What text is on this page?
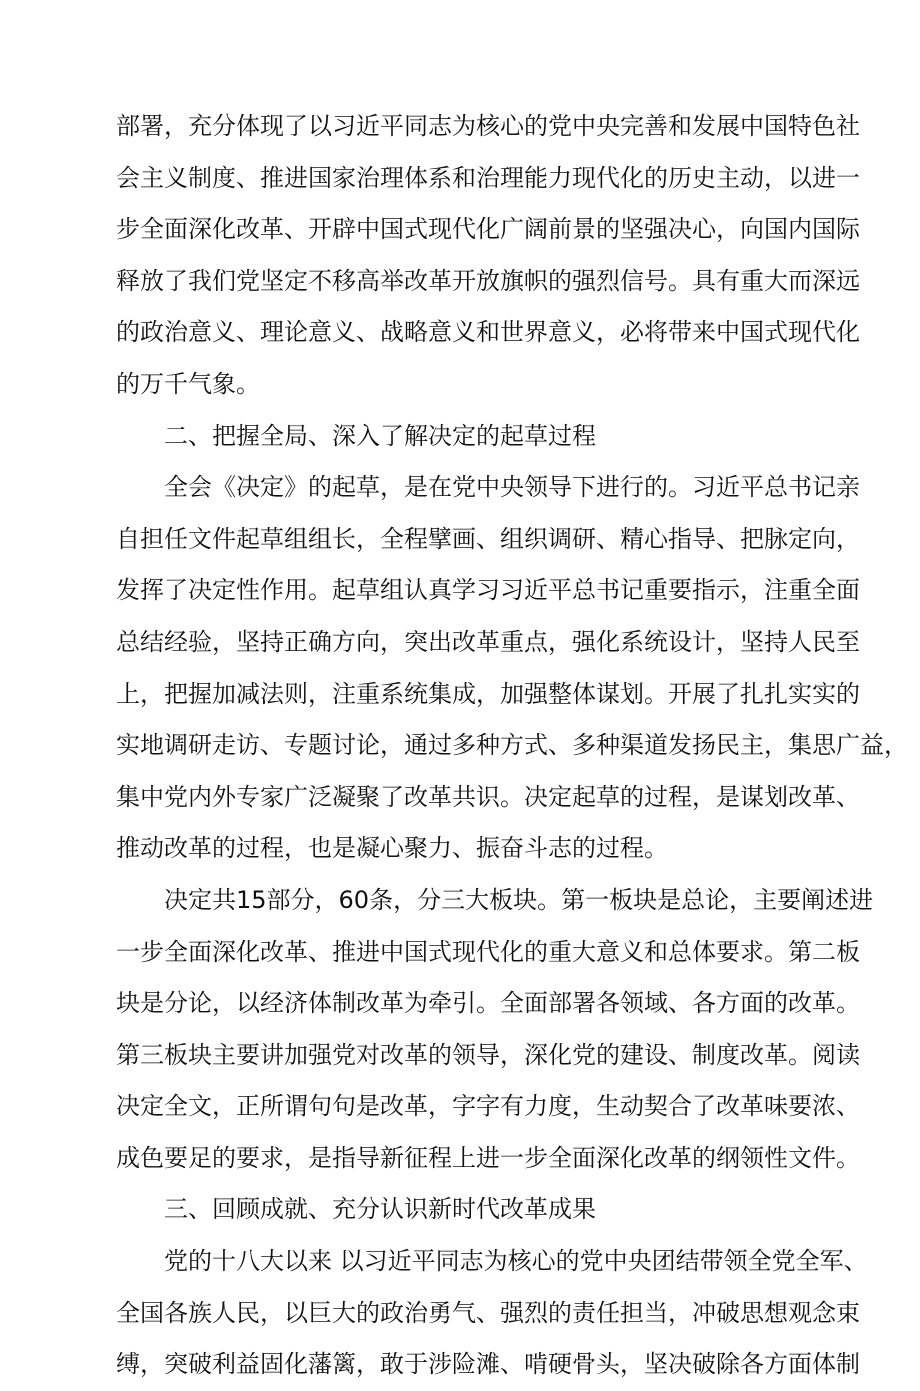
部署，充分体现了以习近平同志为核心的党中央完善和发展中国特色社
会主义制度、推进国家治理体系和治理能力现代化的历史主动，以进一
步全面深化改革、开辟中国式现代化广阔前景的坚强决心，向国内国际
释放了我们党坚定不移高举改革开放旗帜的强烈信号。具有重大而深远
的政治意义、理论意义、战略意义和世界意义，必将带来中国式现代化
的万千气象。
二、把握全局、深入了解决定的起草过程
全会《决定》的起草，是在党中央领导下进行的。习近平总书记亲
自担任文件起草组组长，全程擘画、组织调研、精心指导、把脉定向，
发挥了决定性作用。起草组认真学习习近平总书记重要指示，注重全面
总结经验，坚持正确方向，突出改革重点，强化系统设计，坚持人民至
上，把握加减法则，注重系统集成，加强整体谋划。开展了扎扎实实的
实地调研走访、专题讨论，通过多种方式、多种渠道发扬民主，集思广益，
集中党内外专家广泛凝聚了改革共识。决定起草的过程，是谋划改革、
推动改革的过程，也是凝心聚力、振奋斗志的过程。
决定共15部分，60条，分三大板块。第一板块是总论，主要阐述进
一步全面深化改革、推进中国式现代化的重大意义和总体要求。第二板
块是分论，以经济体制改革为牵引。全面部署各领域、各方面的改革。
第三板块主要讲加强党对改革的领导，深化党的建设、制度改革。阅读
决定全文，正所谓句句是改革，字字有力度，生动契合了改革味要浓、
成色要足的要求，是指导新征程上进一步全面深化改革的纲领性文件。
三、回顾成就、充分认识新时代改革成果
党的十八大以来 以习近平同志为核心的党中央团结带领全党全军、
全国各族人民，以巨大的政治勇气、强烈的责任担当，冲破思想观念束
缚，突破利益固化藩篱，敢于涉险滩、啃硬骨头，坚决破除各方面体制
